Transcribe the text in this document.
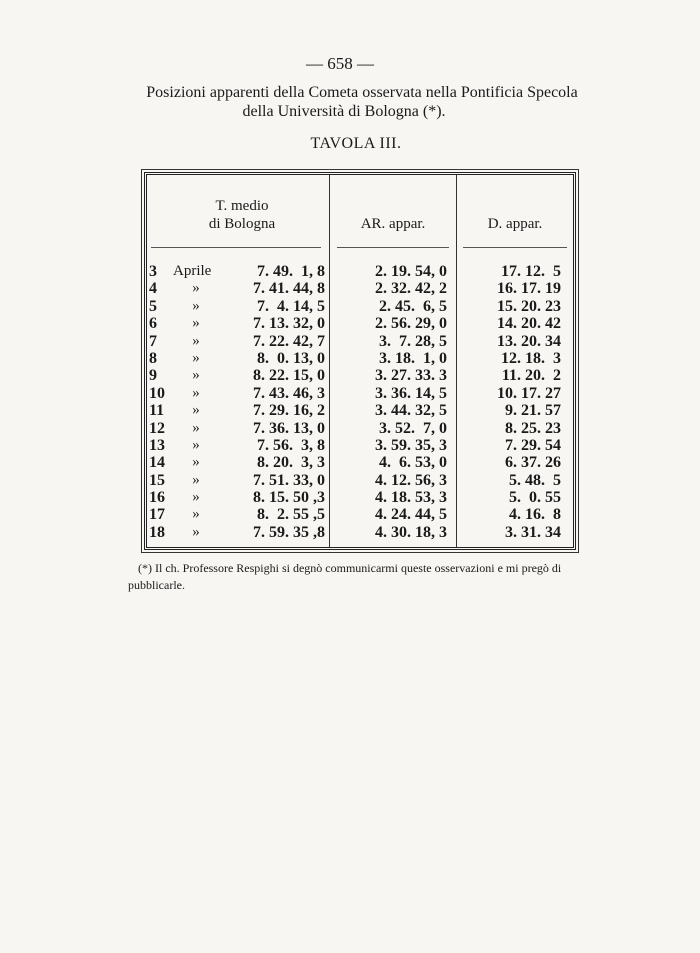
— 658 —
Posizioni apparenti della Cometa osservata nella Pontificia Specola
della Università di Bologna (*).
TAVOLA III.
T. medio
di Bologna	AR. appar.	D. appar.
3	Aprile	7. 49.  1, 8	2. 19. 54, 0	17. 12.  5
4	»	7. 41. 44, 8	2. 32. 42, 2	16. 17. 19
5	»	7.  4. 14, 5	2. 45.  6, 5	15. 20. 23
6	»	7. 13. 32, 0	2. 56. 29, 0	14. 20. 42
7	»	7. 22. 42, 7	3.  7. 28, 5	13. 20. 34
8	»	8.  0. 13, 0	3. 18.  1, 0	12. 18.  3
9	»	8. 22. 15, 0	3. 27. 33. 3	11. 20.  2
10	»	7. 43. 46, 3	3. 36. 14, 5	10. 17. 27
11	»	7. 29. 16, 2	3. 44. 32, 5	9. 21. 57
12	»	7. 36. 13, 0	3. 52.  7, 0	8. 25. 23
13	»	7. 56.  3, 8	3. 59. 35, 3	7. 29. 54
14	»	8. 20.  3, 3	4.  6. 53, 0	6. 37. 26
15	»	7. 51. 33, 0	4. 12. 56, 3	5. 48.  5
16	»	8. 15. 50 ,3	4. 18. 53, 3	5.  0. 55
17	»	8.  2. 55 ,5	4. 24. 44, 5	4. 16.  8
18	»	7. 59. 35 ,8	4. 30. 18, 3	3. 31. 34
(*) Il ch. Professore Respighi si degnò communicarmi queste osservazioni e mi pregò di
pubblicarle.
